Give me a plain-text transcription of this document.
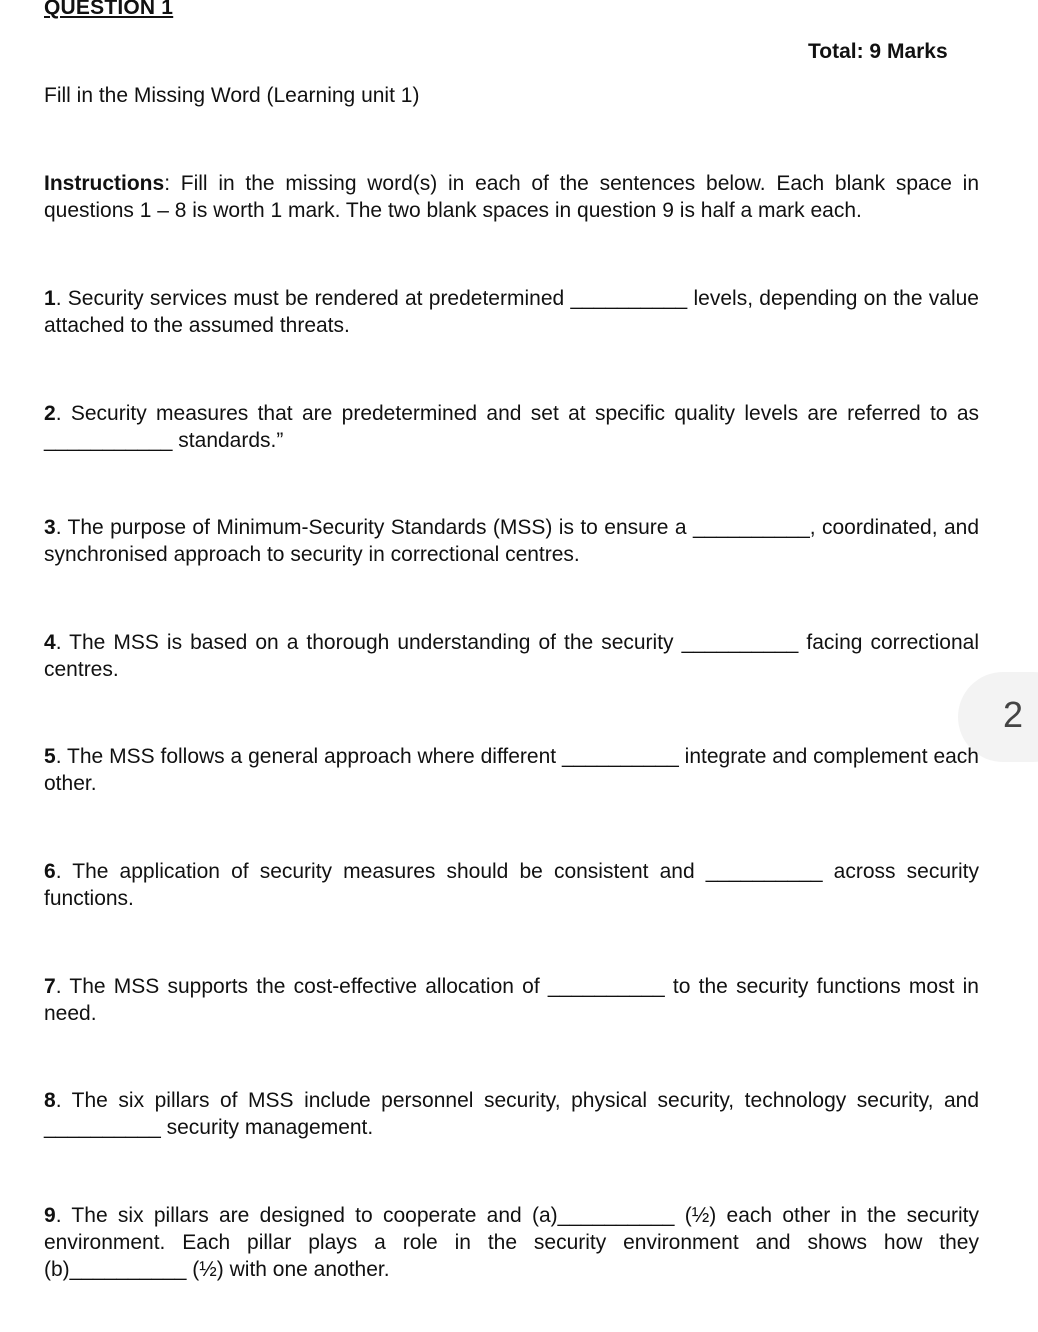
QUESTION 1
Total: 9 Marks
Fill in the Missing Word (Learning unit 1)

Instructions: Fill in the missing word(s) in each of the sentences below. Each blank space in questions 1 – 8 is worth 1 mark. The two blank spaces in question 9 is half a mark each.

1. Security services must be rendered at predetermined __________ levels, depending on the value attached to the assumed threats.

2. Security measures that are predetermined and set at specific quality levels are referred to as ___________ standards.”

3. The purpose of Minimum-Security Standards (MSS) is to ensure a __________, coordinated, and synchronised approach to security in correctional centres.

4. The MSS is based on a thorough understanding of the security __________ facing correctional centres.

2

5. The MSS follows a general approach where different __________ integrate and complement each other.

6. The application of security measures should be consistent and __________ across security functions.

7. The MSS supports the cost-effective allocation of __________ to the security functions most in need.

8. The six pillars of MSS include personnel security, physical security, technology security, and __________ security management.

9. The six pillars are designed to cooperate and (a)__________ (½) each other in the security environment. Each pillar plays a role in the security environment and shows how they (b)__________ (½) with one another.
